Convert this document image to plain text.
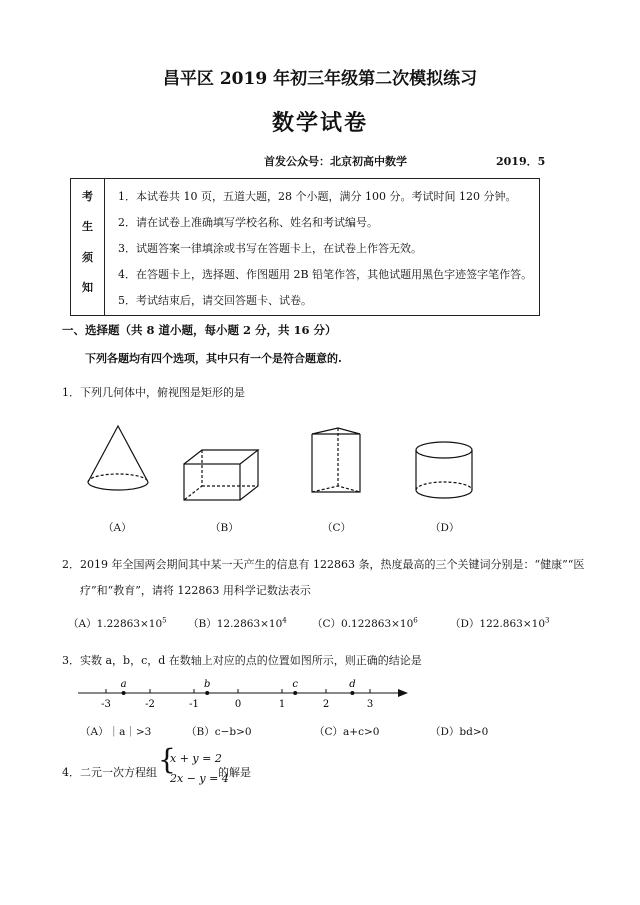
昌平区 2019 年初三年级第二次模拟练习
数学试卷
首发公众号：北京初高中数学	2019．5
考
生
须
知
1．本试卷共 10 页，五道大题，28 个小题，满分 100 分。考试时间 120 分钟。
2．请在试卷上准确填写学校名称、姓名和考试编号。
3．试题答案一律填涂或书写在答题卡上，在试卷上作答无效。
4．在答题卡上，选择题、作图题用 2B 铅笔作答，其他试题用黑色字迹签字笔作答。
5．考试结束后，请交回答题卡、试卷。
一、选择题（共 8 道小题，每小题 2 分，共 16 分）
下列各题均有四个选项，其中只有一个是符合题意的.
1．下列几何体中，俯视图是矩形的是
（A）	（B）	（C）	（D）
2．2019 年全国两会期间其中某一天产生的信息有 122863 条，热度最高的三个关键词分别是：“健康”“医
疗”和“教育”，请将 122863 用科学记数法表示
$(A)1.22863\times 10^5$ $(B)12.2863\times 10^4$ $(C)0.122863\times 10^6$	$(D)122.863\times 10^3$
3．实数 a，b，c，d 在数轴上对应的点的位置如图所示，则正确的结论是
-3	-2	-1	0	1	2	3
a	b	c	d
（A）｜a｜>3	（B）c−b>0	（C）a+c>0	（D）bd>0
4．二元一次方程组 {
x + y = 2
2x − y = 4
的解是
